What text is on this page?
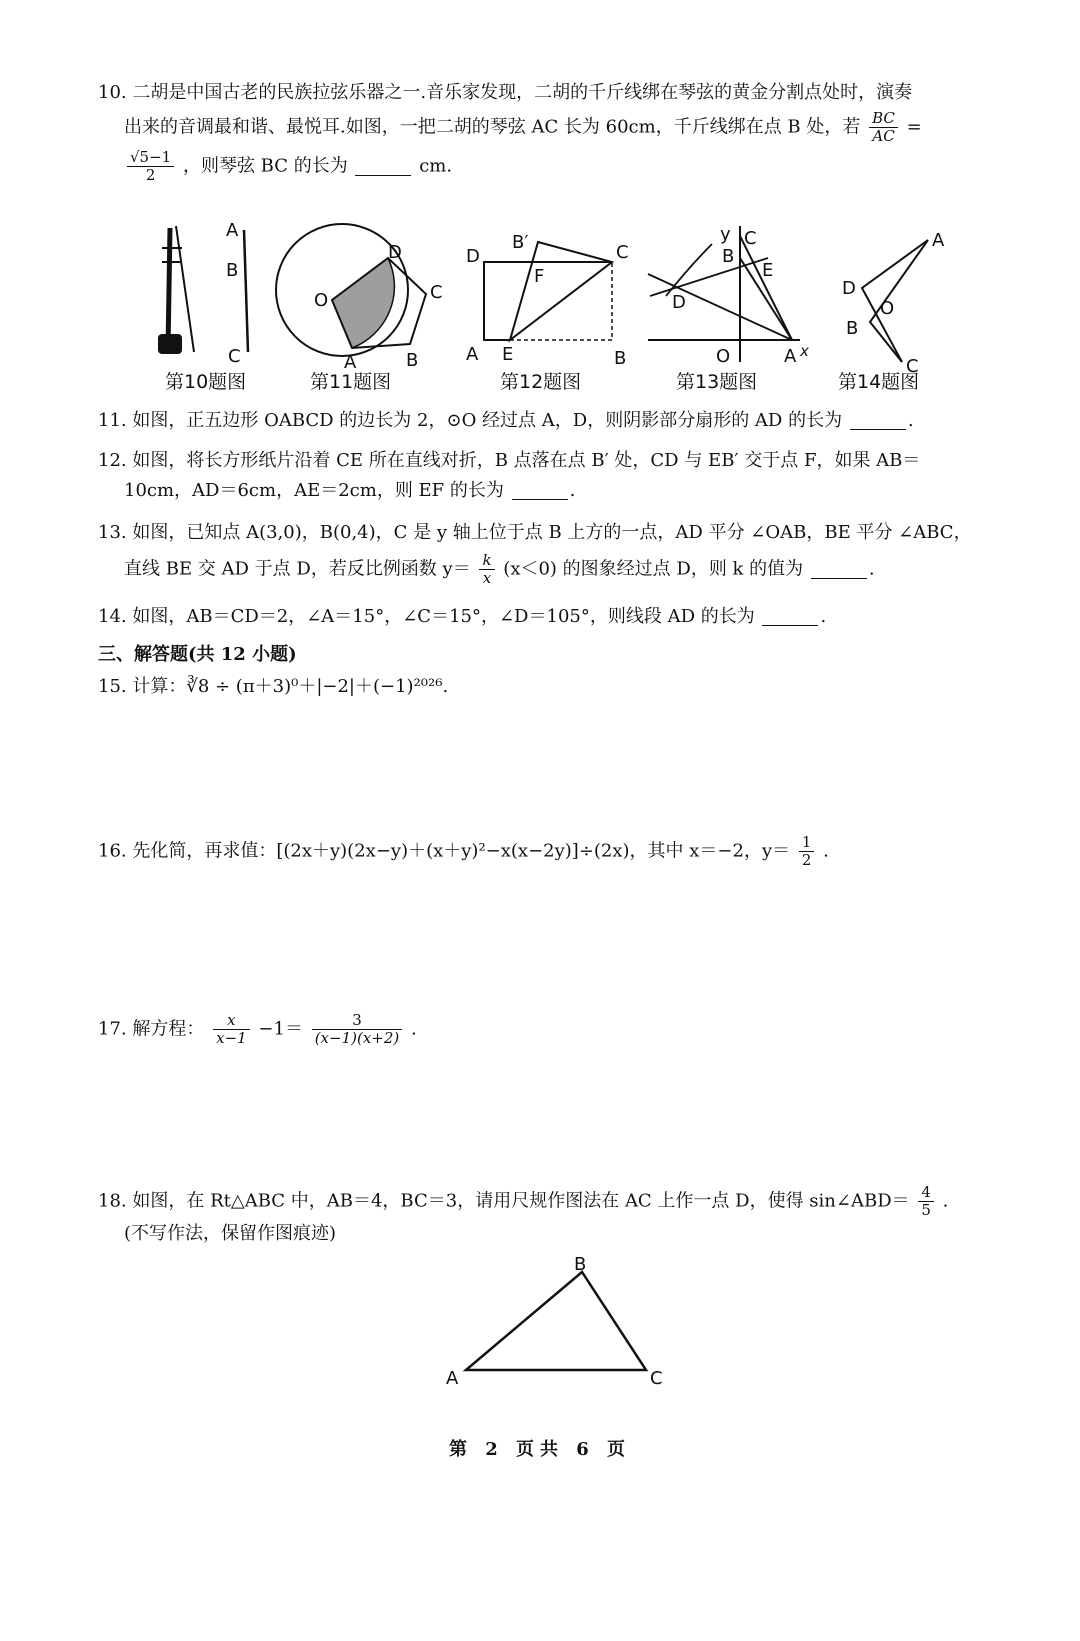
10. 二胡是中国古老的民族拉弦乐器之一.音乐家发现，二胡的千斤线绑在琴弦的黄金分割点处时，演奏
出来的音调最和谐、最悦耳.如图，一把二胡的琴弦 AC 长为 60cm，千斤线绑在点 B 处，若 $\frac{BC}{AC}$ =
$\frac{√5-1}{2}$ ，则琴弦 BC 的长为	cm.
A
B
C
第10题图
O
D
C
A	B
第11题图
D
B′	C
F
A E	B
第12题图
y C
B
E
D
O	A x
第13题图
A
D
O
B
C
第14题图
B
A	C
11. 如图，正五边形 OABCD 的边长为 2，⊙O 经过点 A，D，则阴影部分扇形的 AD 的长为	.
12. 如图，将长方形纸片沿着 CE 所在直线对折，B 点落在点 B′ 处，CD 与 EB′ 交于点 F，如果 AB＝
10cm，AD＝6cm，AE＝2cm，则 EF 的长为	.
13. 如图，已知点 A(3,0)，B(0,4)，C 是 y 轴上位于点 B 上方的一点，AD 平分 ∠OAB，BE 平分 ∠ABC，
直线 BE 交 AD 于点 D，若反比例函数 $y= \frac{k}{x} (x<0)$ 的图象经过点 D，则 k 的值为	.
14. 如图，AB＝CD＝2，∠A＝15°，∠C＝15°，∠D＝105°，则线段 AD 的长为	.
三、解答题(共 12 小题)
15. 计算：∛8 ÷ (π＋3)⁰＋|−2|＋(−1)²⁰²⁶.
16. 先化简，再求值：[(2x＋y)(2x−y)＋(x＋y)²−x(x−2y)]÷(2x)，其中 x＝−2，$y= \frac{1}{2}$ .
17. 解方程： $\frac{x}{x-1} -1= \frac{3}{(x-1)(x+2)}$ .
18. 如图，在 Rt△ABC 中，AB＝4，BC＝3，请用尺规作图法在 AC 上作一点 D，使得 sin∠ABD＝ $\frac{4}{5}$ .
(不写作法，保留作图痕迹)
第 2 页共 6 页
